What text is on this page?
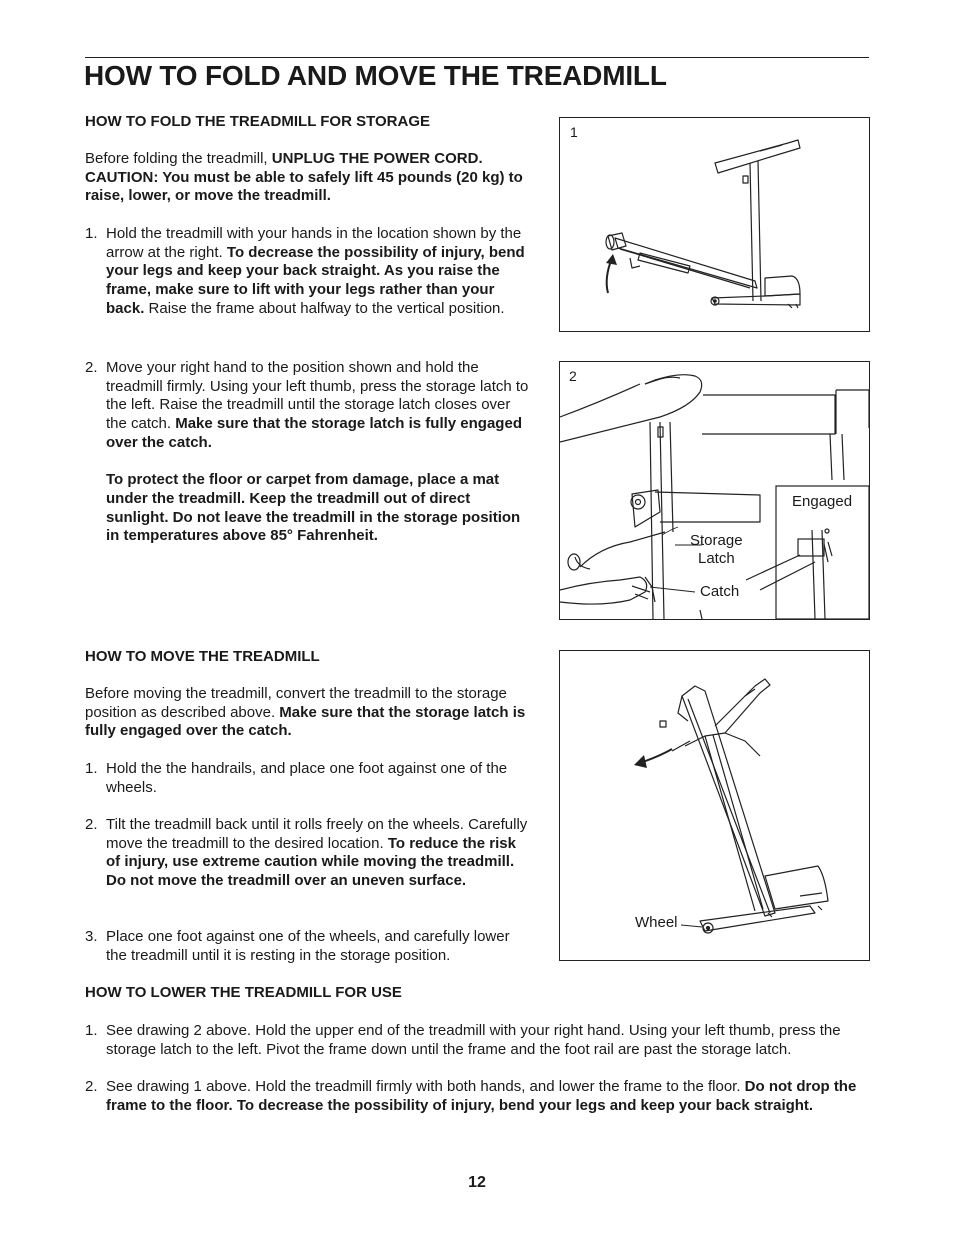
HOW TO FOLD AND MOVE THE TREADMILL
HOW TO FOLD THE TREADMILL FOR STORAGE

Before folding the treadmill, UNPLUG THE POWER CORD. CAUTION: You must be able to safely lift 45 pounds (20 kg) to raise, lower, or move the treadmill.

1. Hold the treadmill with your hands in the location shown by the arrow at the right. To decrease the possibility of injury, bend your legs and keep your back straight. As you raise the frame, make sure to lift with your legs rather than your back. Raise the frame about halfway to the vertical position.
2. Move your right hand to the position shown and hold the treadmill firmly. Using your left thumb, press the storage latch to the left. Raise the treadmill until the storage latch closes over the catch. Make sure that the storage latch is fully engaged over the catch.
To protect the floor or carpet from damage, place a mat under the treadmill. Keep the treadmill out of direct sunlight. Do not leave the treadmill in the storage position in temperatures above 85° Fahrenheit.
1
2
Engaged
Storage
Latch
Catch
HOW TO MOVE THE TREADMILL

Before moving the treadmill, convert the treadmill to the storage position as described above. Make sure that the storage latch is fully engaged over the catch.

1. Hold the the handrails, and place one foot against one of the wheels.
2. Tilt the treadmill back until it rolls freely on the wheels. Carefully move the treadmill to the desired location. To reduce the risk of injury, use extreme caution while moving the treadmill. Do not move the treadmill over an uneven surface.
3. Place one foot against one of the wheels, and carefully lower the treadmill until it is resting in the storage position.
Wheel
HOW TO LOWER THE TREADMILL FOR USE
1. See drawing 2 above. Hold the upper end of the treadmill with your right hand. Using your left thumb, press the storage latch to the left. Pivot the frame down until the frame and the foot rail are past the storage latch.
2. See drawing 1 above. Hold the treadmill firmly with both hands, and lower the frame to the floor. Do not drop the frame to the floor. To decrease the possibility of injury, bend your legs and keep your back straight.
12
